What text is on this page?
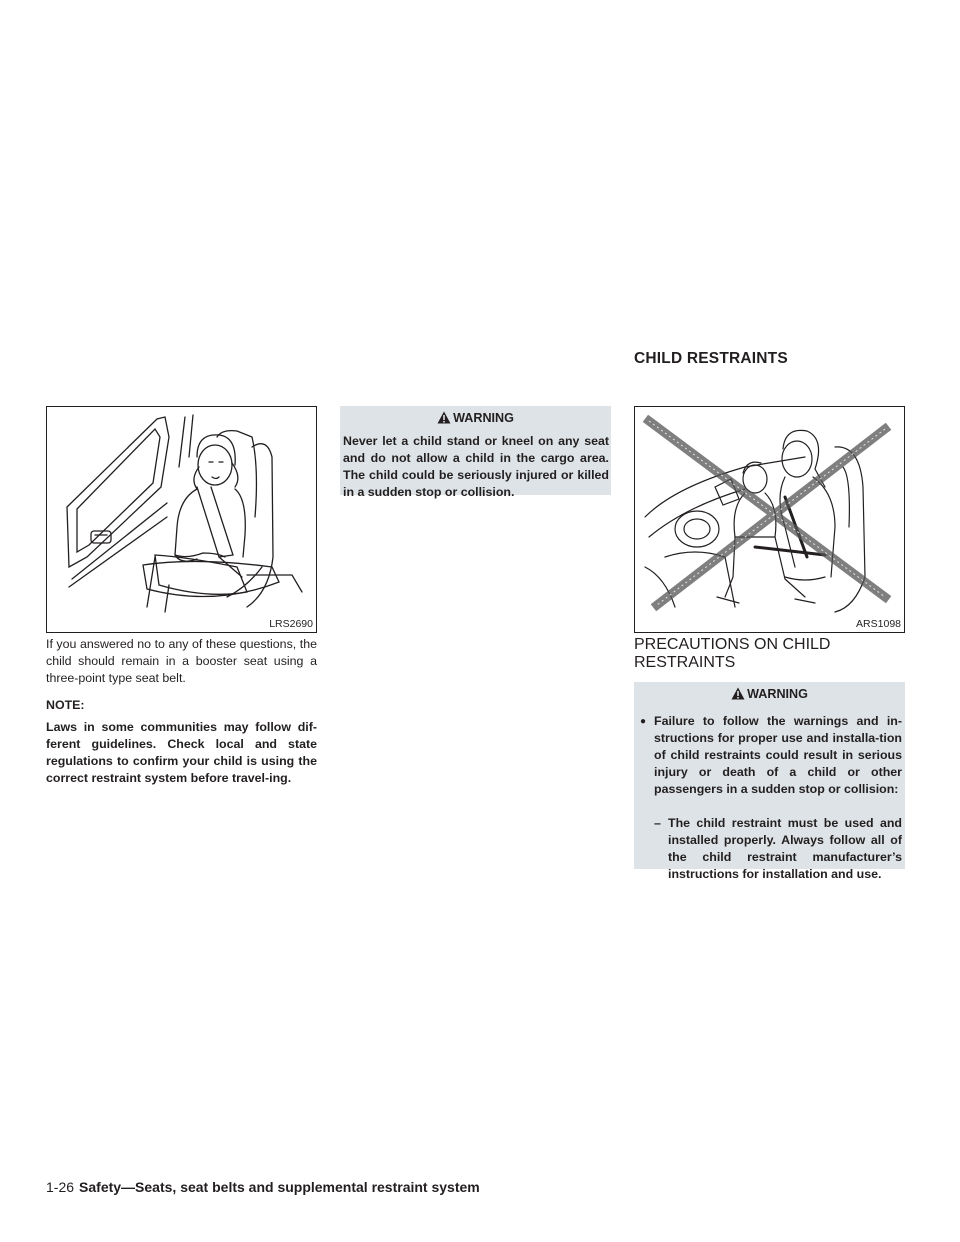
CHILD RESTRAINTS
LRS2690
If you answered no to any of these questions, the child should remain in a booster seat using a three-point type seat belt.
NOTE:
Laws in some communities may follow dif-ferent guidelines. Check local and state regulations to confirm your child is using the correct restraint system before travel-ing.
WARNING
Never let a child stand or kneel on any seat and do not allow a child in the cargo area. The child could be seriously injured or killed in a sudden stop or collision.
ARS1098
PRECAUTIONS ON CHILD
RESTRAINTS
WARNING
● Failure to follow the warnings and in-structions for proper use and installa-tion of child restraints could result in serious injury or death of a child or other passengers in a sudden stop or collision:
– The child restraint must be used and installed properly. Always follow all of the child restraint manufacturer’s instructions for installation and use.
1-26 Safety—Seats, seat belts and supplemental restraint system
